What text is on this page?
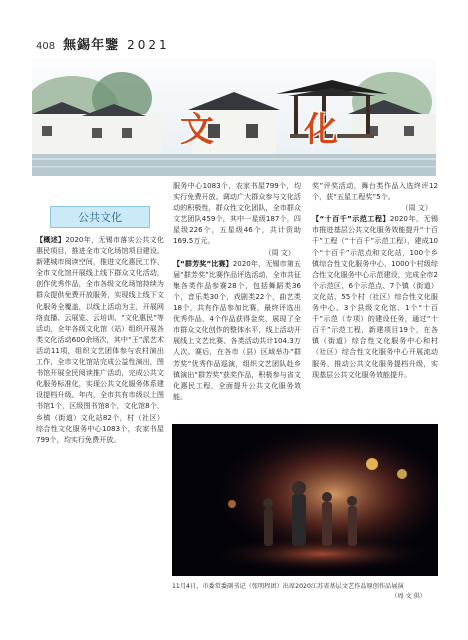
408 無錫年鑒 2021
文	化
公共文化

【概述】2020年，无锡市落实公共文化惠民项目，推进全市文化场馆项目建设，新建城市阅读空间，推进文化惠民工作，全市文化馆开展线上线下群众文化活动，创作优秀作品，全市各级文化场馆持续为群众提供免费开放服务，实现线上线下文化服务全覆盖，以线上活动为主，开展网络直播、云展览、云培训、“文化惠民”等活动，全年各级文化馆（站）组织开展各类文化活动600余场次，其中“王”派艺术活动11项，组织文艺团体参与农村演出工作，全市文化馆站完成公益性演出，图书馆开展全民阅读推广活动，完成公共文化服务标准化，实现公共文化服务体系建设提档升级。年内，全市共有市级以上图书馆1个，区级图书馆8个，文化馆8个，乡镇（街道）文化站82个，村（社区）综合性文化服务中心1083个，农家书屋799个，均实行免费开放。

服务中心1083个，农家书屋799个，均实行免费开放。调动广大群众参与文化活动的积极性，群众性文化团队，全市群众文艺团队459个，其中一星级187个，四星级226个，五星级46个，共计资助169.5万元。

（周 文）

【“群芳奖”比赛】2020年，无锡市第五届“群芳奖”比赛作品评选活动，全市共征集各类作品参赛28个，包括舞蹈类36个，音乐类30个，戏剧类22个，曲艺类18个，共有作品参加比赛，最终评选出优秀作品，4个作品获得金奖，展现了全市群众文化创作的整体水平，线上活动开展线上文艺比赛、各类活动共计104.3万人次。赛后，在各市（县）区域举办“群芳奖”优秀作品巡演，组织文艺团队赴乡镇演出“群芳奖”获奖作品，积极参与省文化惠民工程，全面提升公共文化服务效能。

奖”评奖活动，舞台类作品入选终评12个，获“五星工程奖”5个。

（周 文）

【“十百千”示范工程】2020年，无锡市推进基层公共文化服务效能提升“十百千”工程（“十百千”示范工程），建成10个“十百千”示范点和文化站，100个乡镇综合性文化服务中心，1000个村级综合性文化服务中心示范建设，完成全市2个示范区、6个示范点、7个镇（街道）文化站、55个村（社区）综合性文化服务中心、3个县级文化馆、1个“十百千”示范（专项）的建设任务，通过“十百千”示范工程，新建项目19个，在各镇（街道）综合性文化服务中心和村（社区）综合性文化服务中心开展流动服务，推动公共文化服务提档升级，实现基层公共文化服务效能提升。

11月4日，市委常委副书记（张明程团）出席2020江苏省基层文艺作品原创作品展演
（周 文 供）
